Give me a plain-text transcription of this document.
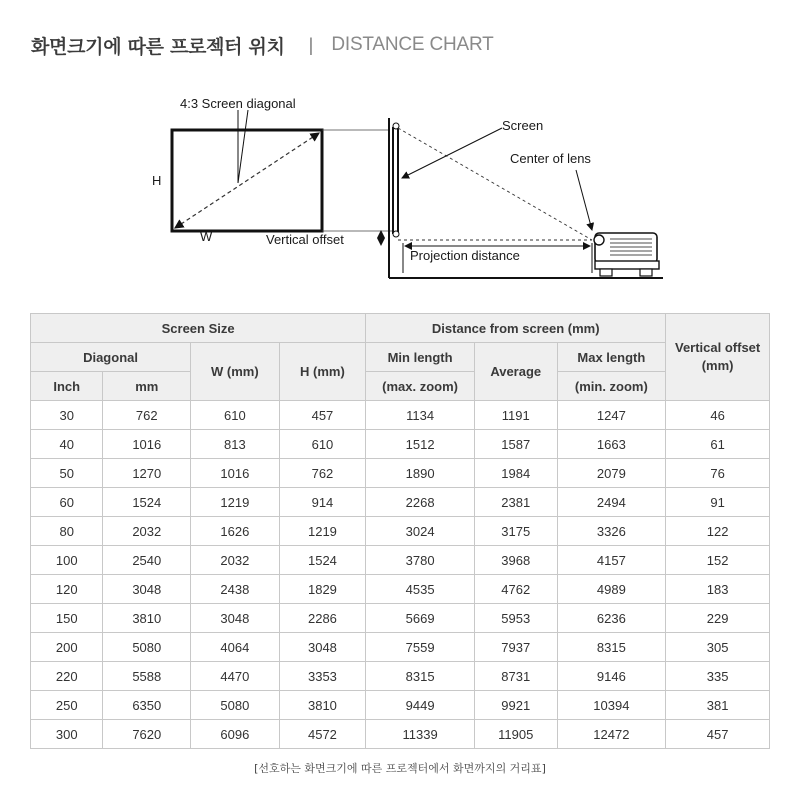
화면크기에 따른 프로젝터 위치 | DISTANCE CHART
4:3 Screen diagonal
H
W	Vertical offset
Projection distance
Screen
Center of lens
Screen Size				Distance from screen (mm)			Vertical offset (mm)
Diagonal		W (mm)	H (mm)	Min length	Average	Max length	
Inch	mm			(max. zoom)		(min. zoom)	
30	762	610	457	1134	1191	1247	46
40	1016	813	610	1512	1587	1663	61
50	1270	1016	762	1890	1984	2079	76
60	1524	1219	914	2268	2381	2494	91
80	2032	1626	1219	3024	3175	3326	122
100	2540	2032	1524	3780	3968	4157	152
120	3048	2438	1829	4535	4762	4989	183
150	3810	3048	2286	5669	5953	6236	229
200	5080	4064	3048	7559	7937	8315	305
220	5588	4470	3353	8315	8731	9146	335
250	6350	5080	3810	9449	9921	10394	381
300	7620	6096	4572	11339	11905	12472	457
[선호하는 화면크기에 따른 프로젝터에서 화면까지의 거리표]
